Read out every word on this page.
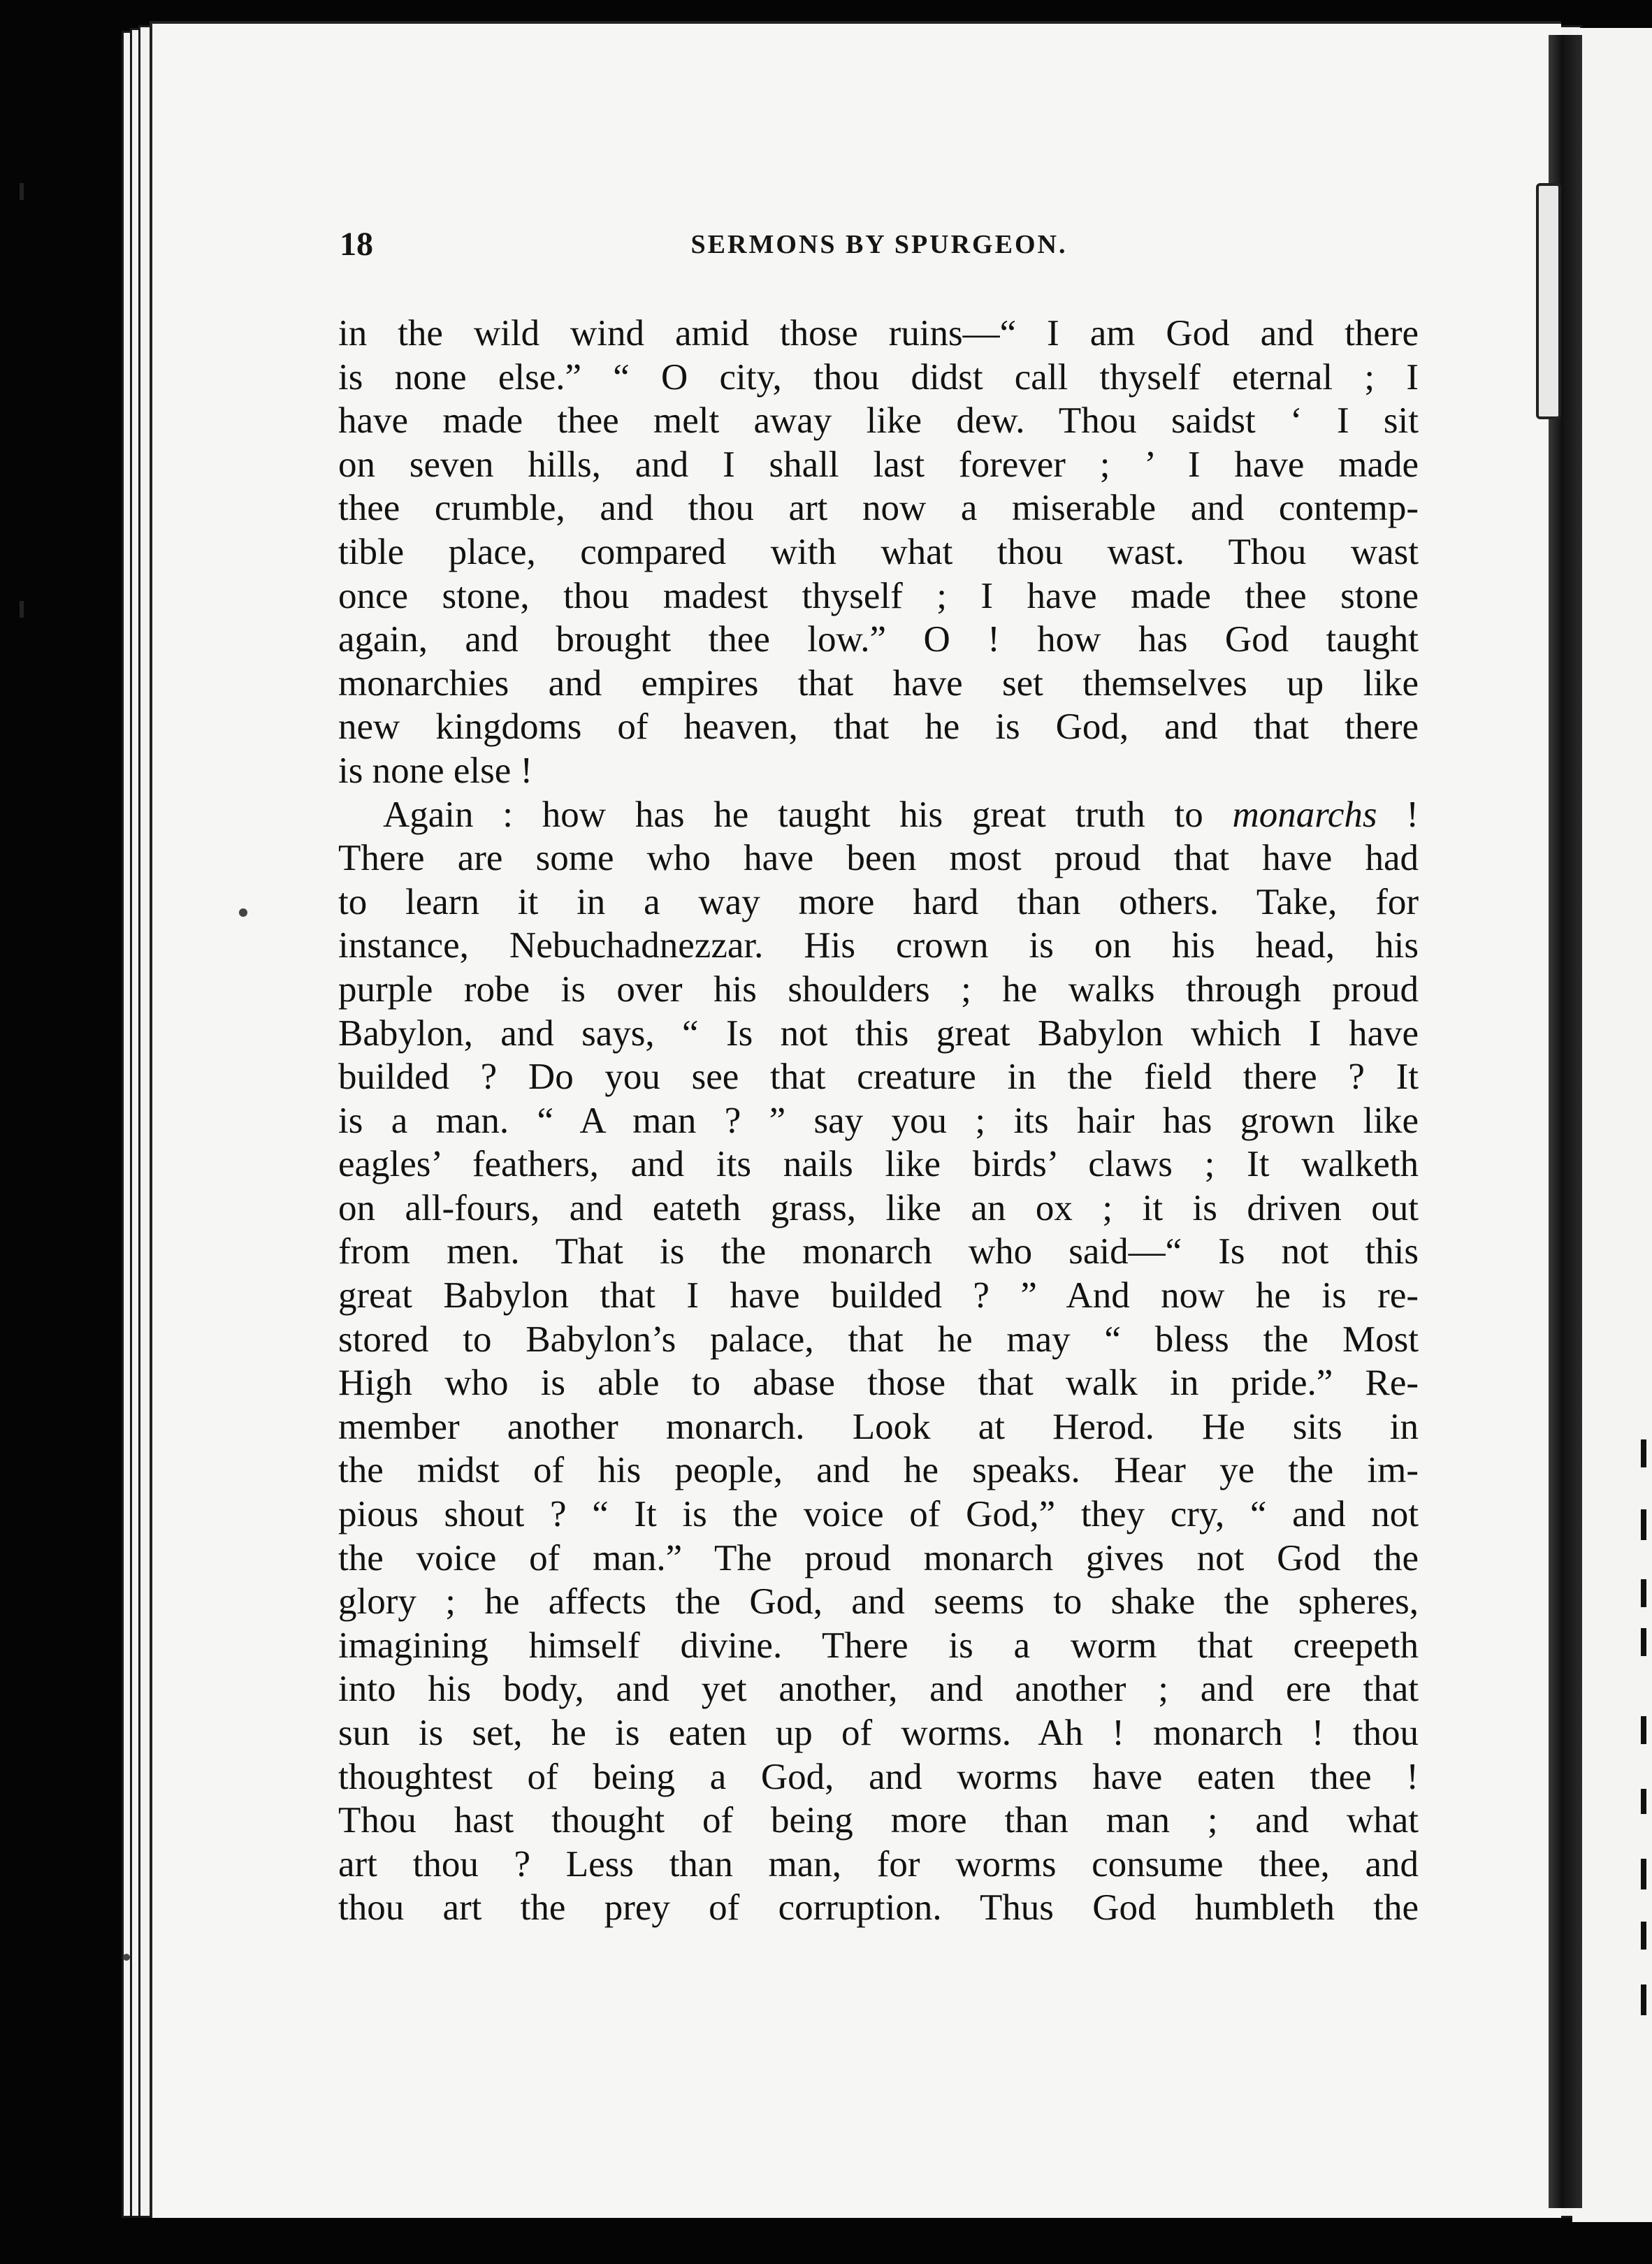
18	SERMONS BY SPURGEON.
in the wild wind amid those ruins—“ I am God and there
is none else.” “ O city, thou didst call thyself eternal ; I
have made thee melt away like dew. Thou saidst ‘ I sit
on seven hills, and I shall last forever ; ’ I have made
thee crumble, and thou art now a miserable and contemp-
tible place, compared with what thou wast. Thou wast
once stone, thou madest thyself ; I have made thee stone
again, and brought thee low.” O ! how has God taught
monarchies and empires that have set themselves up like
new kingdoms of heaven, that he is God, and that there
is none else !
Again : how has he taught his great truth to monarchs !
There are some who have been most proud that have had
to learn it in a way more hard than others. Take, for
instance, Nebuchadnezzar. His crown is on his head, his
purple robe is over his shoulders ; he walks through proud
Babylon, and says, “ Is not this great Babylon which I have
builded ? Do you see that creature in the field there ? It
is a man. “ A man ? ” say you ; its hair has grown like
eagles’ feathers, and its nails like birds’ claws ; It walketh
on all-fours, and eateth grass, like an ox ; it is driven out
from men. That is the monarch who said—“ Is not this
great Babylon that I have builded ? ” And now he is re-
stored to Babylon’s palace, that he may “ bless the Most
High who is able to abase those that walk in pride.” Re-
member another monarch. Look at Herod. He sits in
the midst of his people, and he speaks. Hear ye the im-
pious shout ? “ It is the voice of God,” they cry, “ and not
the voice of man.” The proud monarch gives not God the
glory ; he affects the God, and seems to shake the spheres,
imagining himself divine. There is a worm that creepeth
into his body, and yet another, and another ; and ere that
sun is set, he is eaten up of worms. Ah ! monarch ! thou
thoughtest of being a God, and worms have eaten thee !
Thou hast thought of being more than man ; and what
art thou ? Less than man, for worms consume thee, and
thou art the prey of corruption. Thus God humbleth the
